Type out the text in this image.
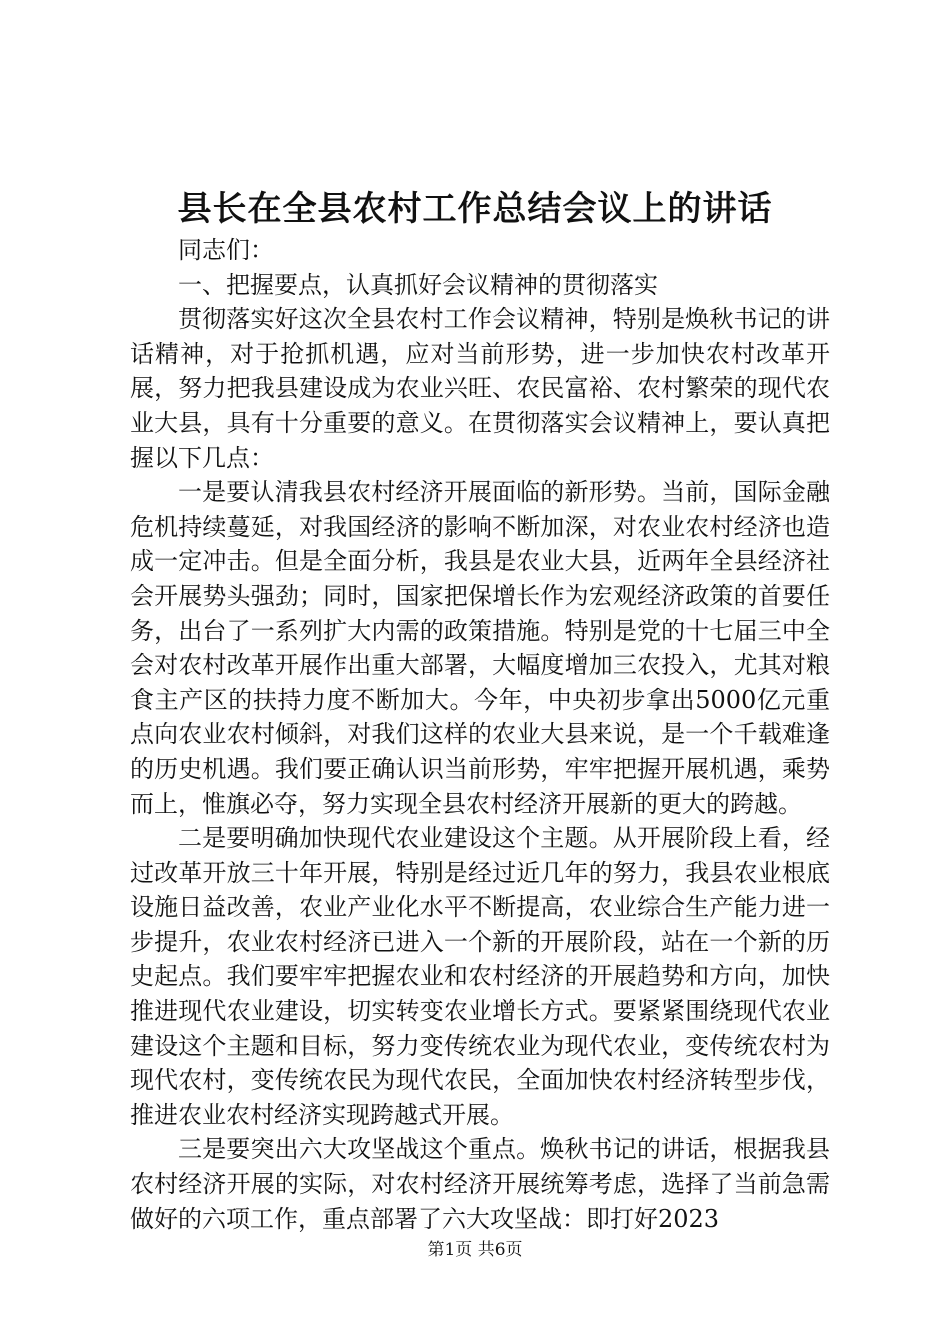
县长在全县农村工作总结会议上的讲话

同志们：

一、把握要点，认真抓好会议精神的贯彻落实

贯彻落实好这次全县农村工作会议精神，特别是焕秋书记的讲话精神，对于抢抓机遇，应对当前形势，进一步加快农村改革开展，努力把我县建设成为农业兴旺、农民富裕、农村繁荣的现代农业大县，具有十分重要的意义。在贯彻落实会议精神上，要认真把握以下几点：

一是要认清我县农村经济开展面临的新形势。当前，国际金融危机持续蔓延，对我国经济的影响不断加深，对农业农村经济也造成一定冲击。但是全面分析，我县是农业大县，近两年全县经济社会开展势头强劲；同时，国家把保增长作为宏观经济政策的首要任务，出台了一系列扩大内需的政策措施。特别是党的十七届三中全会对农村改革开展作出重大部署，大幅度增加三农投入，尤其对粮食主产区的扶持力度不断加大。今年，中央初步拿出5000亿元重点向农业农村倾斜，对我们这样的农业大县来说，是一个千载难逢的历史机遇。我们要正确认识当前形势，牢牢把握开展机遇，乘势而上，惟旗必夺，努力实现全县农村经济开展新的更大的跨越。

二是要明确加快现代农业建设这个主题。从开展阶段上看，经过改革开放三十年开展，特别是经过近几年的努力，我县农业根底设施日益改善，农业产业化水平不断提高，农业综合生产能力进一步提升，农业农村经济已进入一个新的开展阶段，站在一个新的历史起点。我们要牢牢把握农业和农村经济的开展趋势和方向，加快推进现代农业建设，切实转变农业增长方式。要紧紧围绕现代农业建设这个主题和目标，努力变传统农业为现代农业，变传统农村为现代农村，变传统农民为现代农民，全面加快农村经济转型步伐，推进农业农村经济实现跨越式开展。

三是要突出六大攻坚战这个重点。焕秋书记的讲话，根据我县农村经济开展的实际，对农村经济开展统筹考虑，选择了当前急需做好的六项工作，重点部署了六大攻坚战：即打好2023

第1页 共6页
